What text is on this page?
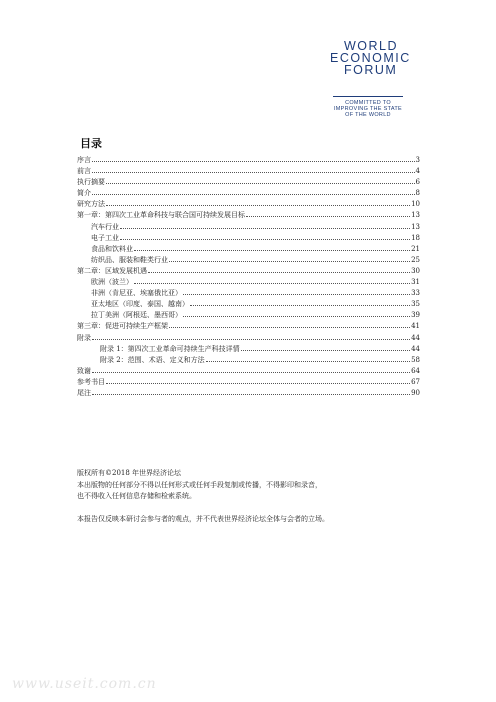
WORLD
ECONOMIC
FORUM
COMMITTED TO
IMPROVING THE STATE
OF THE WORLD
目录
序言	3
前言	4
执行摘要	6
简介	8
研究方法	10
第一章：第四次工业革命科技与联合国可持续发展目标	13
汽车行业	13
电子工业	18
食品和饮料业	21
纺织品、服装和鞋类行业	25
第二章：区域发展机遇	30
欧洲（波兰）	31
非洲（肯尼亚、埃塞俄比亚）	33
亚太地区（印度、泰国、越南）	35
拉丁美洲（阿根廷、墨西哥）	39
第三章：促进可持续生产框架	41
附录	44
附录 1：第四次工业革命可持续生产科技详情	44
附录 2：范围、术语、定义和方法	58
致谢	64
参考书目	67
尾注	90

版权所有©2018 年世界经济论坛

本出版物的任何部分不得以任何形式或任何手段复制或传播，不得影印和录音，

也不得收入任何信息存储和检索系统。

本报告仅反映本研讨会参与者的观点，并不代表世界经济论坛全体与会者的立场。

www.useit.com.cn
